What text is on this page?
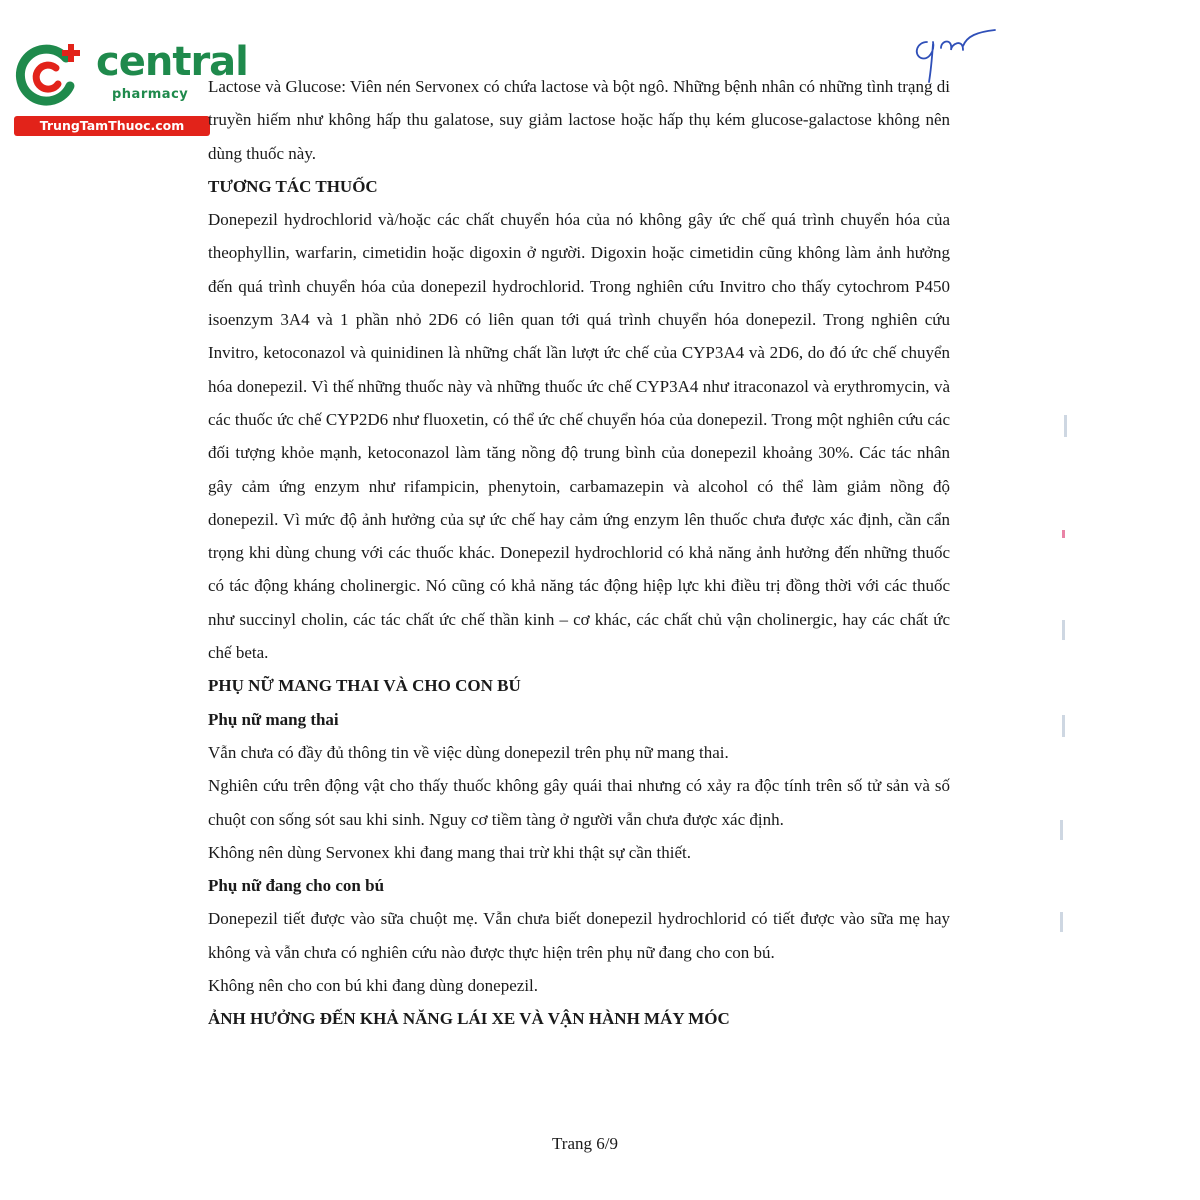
central
pharmacy
TrungTamThuoc.com

Lactose và Glucose: Viên nén Servonex có chứa lactose và bột ngô. Những bệnh nhân có những tình trạng di truyền hiếm như không hấp thu galatose, suy giảm lactose hoặc hấp thụ kém glucose-galactose không nên dùng thuốc này.

TƯƠNG TÁC THUỐC

Donepezil hydrochlorid và/hoặc các chất chuyển hóa của nó không gây ức chế quá trình chuyển hóa của theophyllin, warfarin, cimetidin hoặc digoxin ở người. Digoxin hoặc cimetidin cũng không làm ảnh hưởng đến quá trình chuyển hóa của donepezil hydrochlorid. Trong nghiên cứu Invitro cho thấy cytochrom P450 isoenzym 3A4 và 1 phần nhỏ 2D6 có liên quan tới quá trình chuyển hóa donepezil. Trong nghiên cứu Invitro, ketoconazol và quinidinen là những chất lần lượt ức chế của CYP3A4 và 2D6, do đó ức chế chuyển hóa donepezil. Vì thế những thuốc này và những thuốc ức chế CYP3A4 như itraconazol và erythromycin, và các thuốc ức chế CYP2D6 như fluoxetin, có thể ức chế chuyển hóa của donepezil. Trong một nghiên cứu các đối tượng khỏe mạnh, ketoconazol làm tăng nồng độ trung bình của donepezil khoảng 30%. Các tác nhân gây cảm ứng enzym như rifampicin, phenytoin, carbamazepin và alcohol có thể làm giảm nồng độ donepezil. Vì mức độ ảnh hưởng của sự ức chế hay cảm ứng enzym lên thuốc chưa được xác định, cần cẩn trọng khi dùng chung với các thuốc khác. Donepezil hydrochlorid có khả năng ảnh hưởng đến những thuốc có tác động kháng cholinergic. Nó cũng có khả năng tác động hiệp lực khi điều trị đồng thời với các thuốc như succinyl cholin, các tác chất ức chế thần kinh – cơ khác, các chất chủ vận cholinergic, hay các chất ức chế beta.

PHỤ NỮ MANG THAI VÀ CHO CON BÚ

Phụ nữ mang thai

Vẫn chưa có đầy đủ thông tin về việc dùng donepezil trên phụ nữ mang thai.

Nghiên cứu trên động vật cho thấy thuốc không gây quái thai nhưng có xảy ra độc tính trên số tử sản và số chuột con sống sót sau khi sinh. Nguy cơ tiềm tàng ở người vẫn chưa được xác định.

Không nên dùng Servonex khi đang mang thai trừ khi thật sự cần thiết.

Phụ nữ đang cho con bú

Donepezil tiết được vào sữa chuột mẹ. Vẫn chưa biết donepezil hydrochlorid có tiết được vào sữa mẹ hay không và vẫn chưa có nghiên cứu nào được thực hiện trên phụ nữ đang cho con bú.

Không nên cho con bú khi đang dùng donepezil.

ẢNH HƯỞNG ĐẾN KHẢ NĂNG LÁI XE VÀ VẬN HÀNH MÁY MÓC

Trang 6/9
